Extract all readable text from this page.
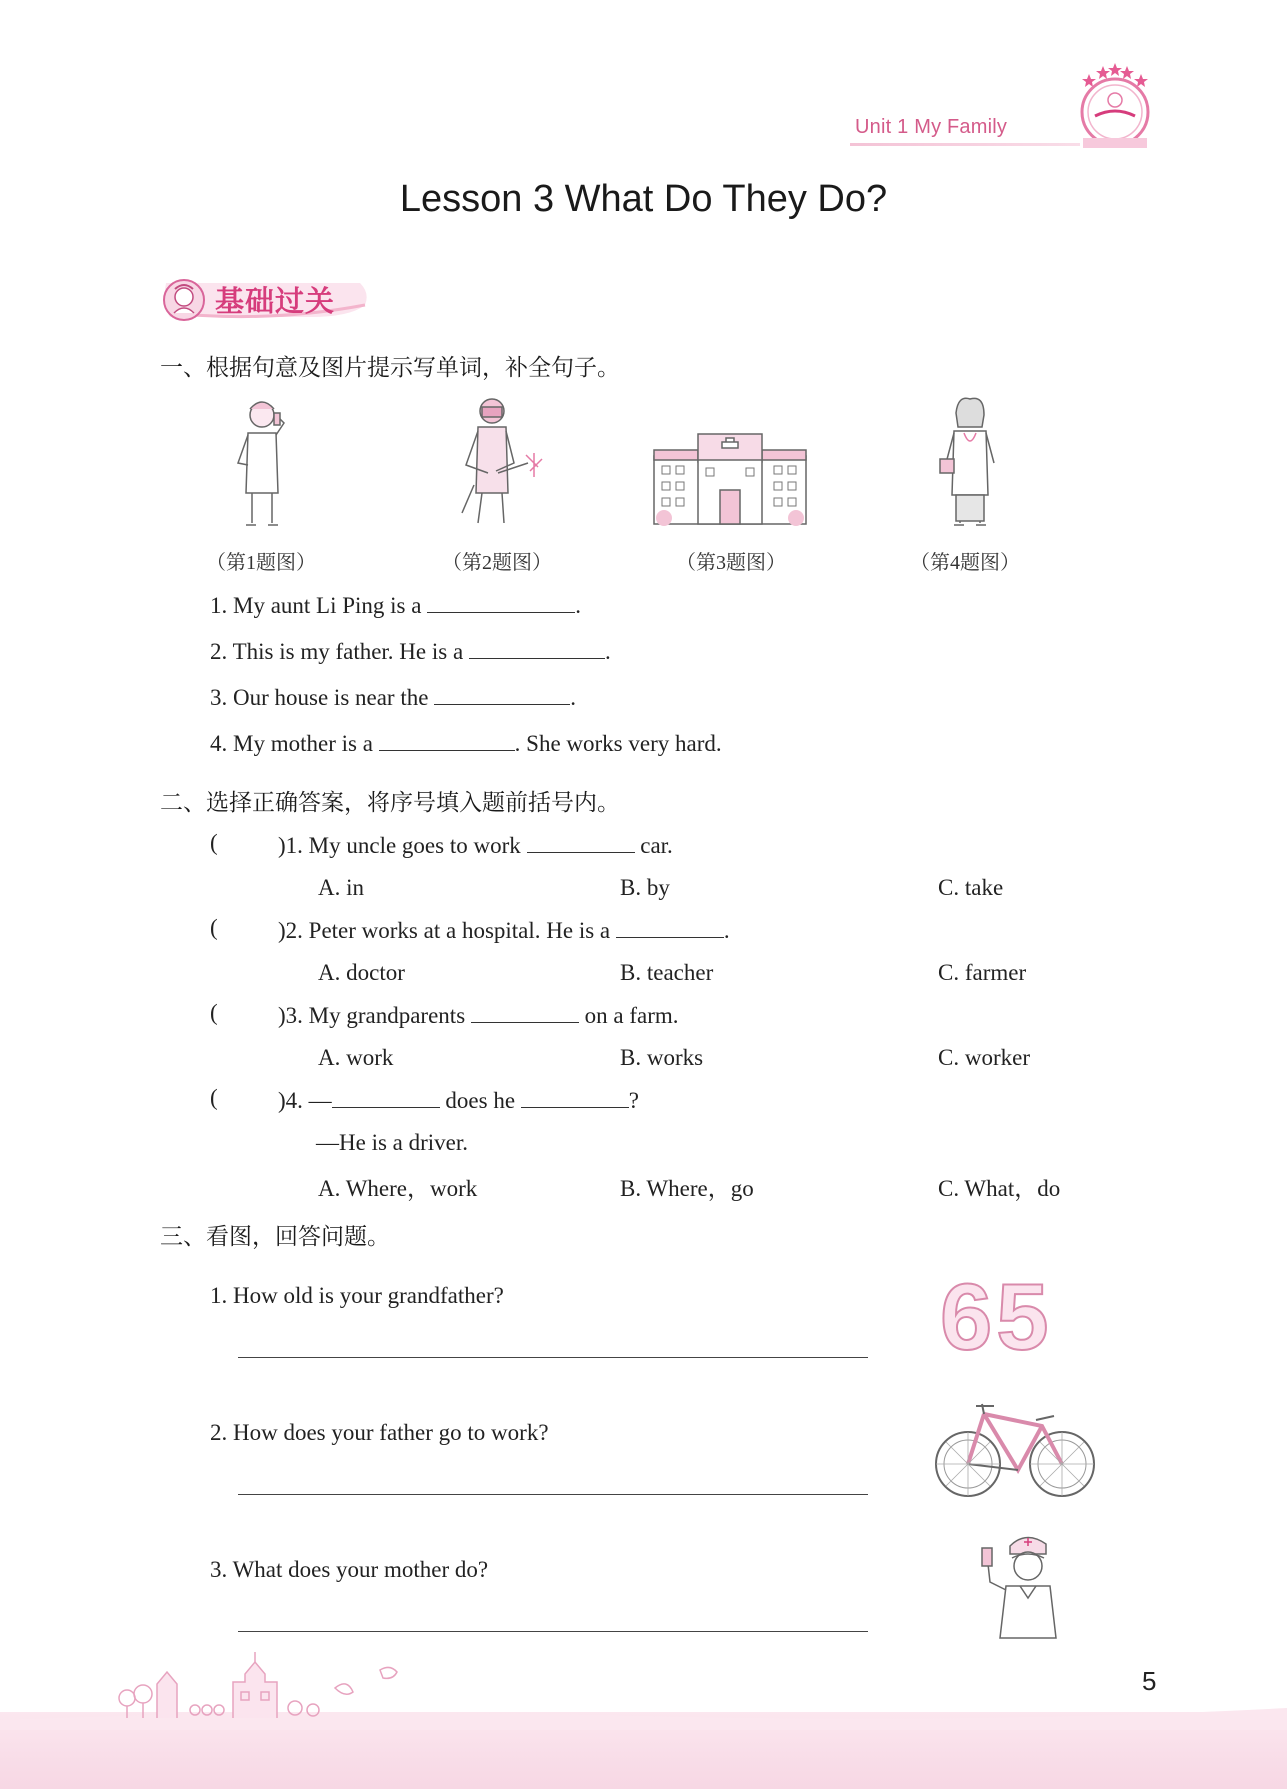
Unit 1 My Family
Lesson 3 What Do They Do?
基础过关
一、根据句意及图片提示写单词，补全句子。
（第1题图）	（第2题图）	（第3题图）	（第4题图）
1. My aunt Li Ping is a	.
2. This is my father. He is a	.
3. Our house is near the	.
4. My mother is a	. She works very hard.
二、选择正确答案，将序号填入题前括号内。
(	)1. My uncle goes to work	car.
A. in	B. by	C. take
(	)2. Peter works at a hospital. He is a	.
A. doctor	B. teacher	C. farmer
(	)3. My grandparents	on a farm.
A. work	B. works	C. worker
(	)4. —	does he	?
—He is a driver.
A. Where，work	B. Where，go	C. What，do
三、看图，回答问题。
1. How old is your grandfather?
2. How does your father go to work?
3. What does your mother do?
65
5
